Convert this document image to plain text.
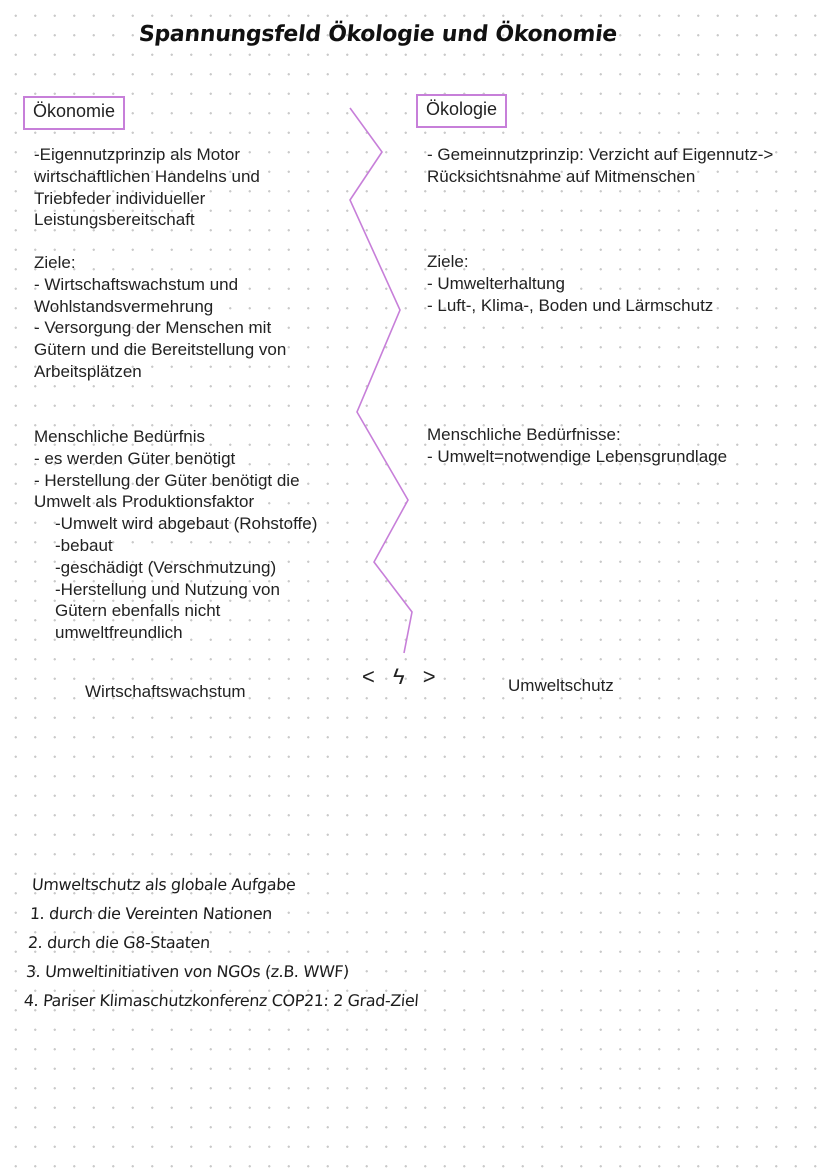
Spannungsfeld Ökologie und Ökonomie
Ökonomie

-Eigennutzprinzip als Motor
wirtschaftlichen Handelns und
Triebfeder individueller
Leistungsbereitschaft

Ziele:
- Wirtschaftswachstum und
Wohlstandsvermehrung
- Versorgung der Menschen mit
Gütern und die Bereitstellung von
Arbeitsplätzen

Menschliche Bedürfnis
- es werden Güter benötigt
- Herstellung der Güter benötigt die
Umwelt als Produktionsfaktor

-Umwelt wird abgebaut (Rohstoffe)
-bebaut
-geschädigt (Verschmutzung)
-Herstellung und Nutzung von
Gütern ebenfalls nicht
umweltfreundlich

Ökologie

- Gemeinnutzprinzip: Verzicht auf Eigennutz->
Rücksichtsnahme auf Mitmenschen

Ziele:
- Umwelterhaltung
- Luft-, Klima-, Boden und Lärmschutz

Menschliche Bedürfnisse:
- Umwelt=notwendige Lebensgrundlage

Wirtschaftswachstum
< ϟ >	Umweltschutz
Umweltschutz als globale Aufgabe
1. durch die Vereinten Nationen
2. durch die G8-Staaten
3. Umweltinitiativen von NGOs (z.B. WWF)
4. Pariser Klimaschutzkonferenz COP21: 2 Grad-Ziel
